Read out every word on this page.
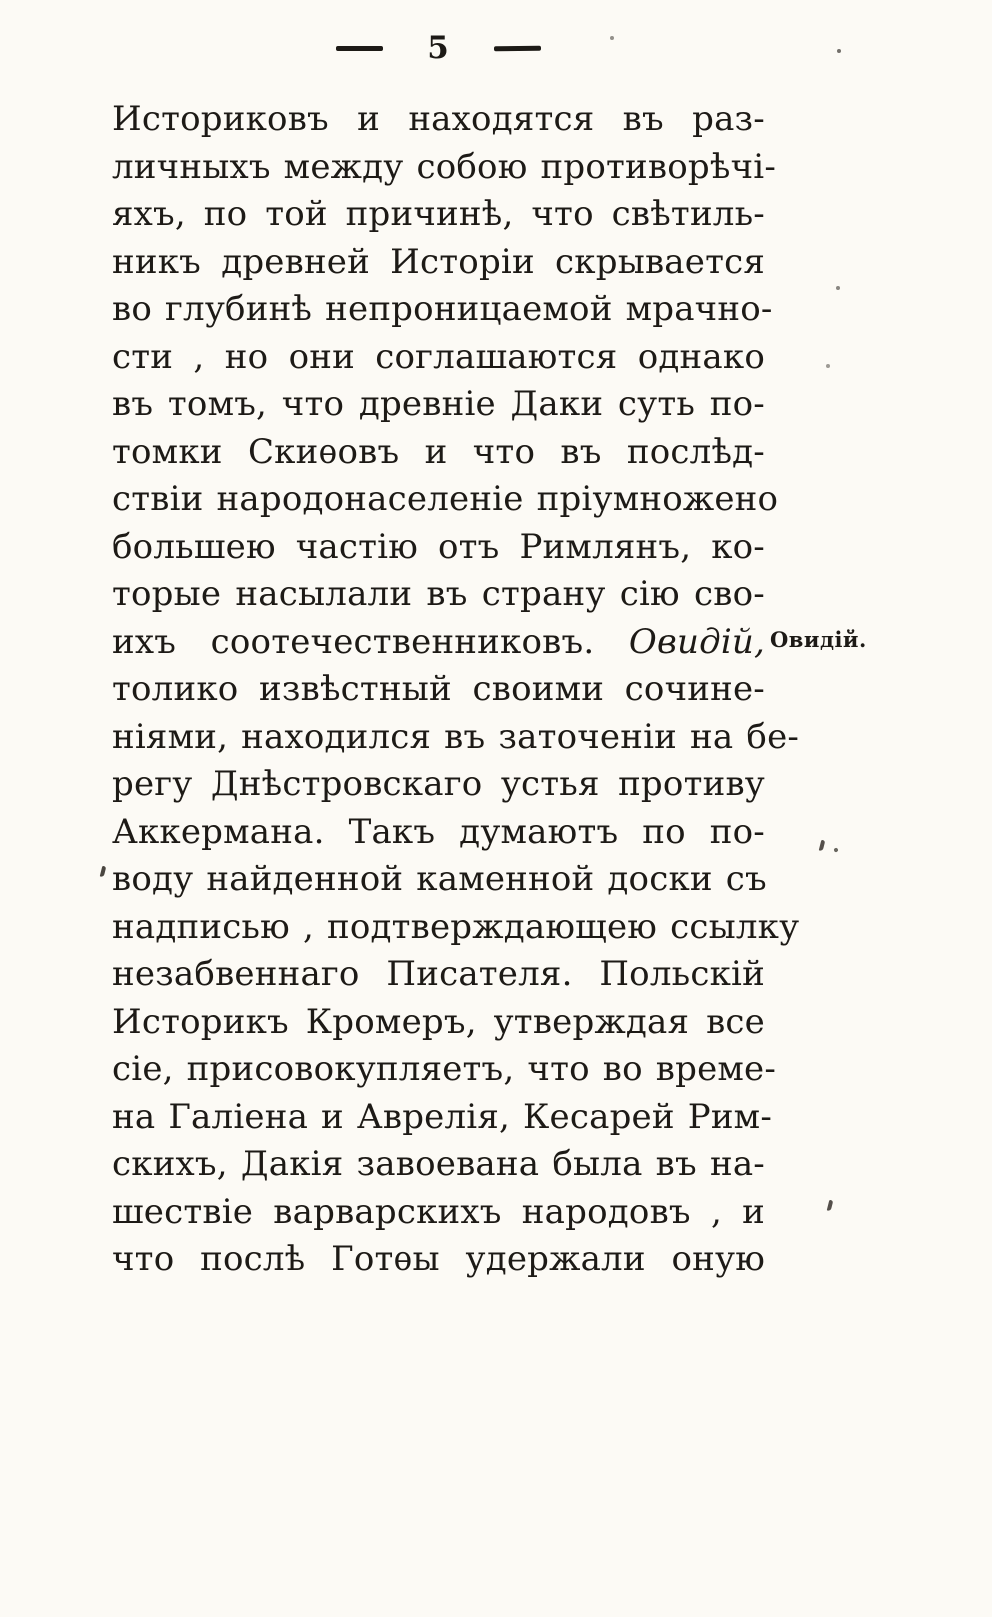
5
Историковъ и находятся въ раз-
личныхъ между собою противорѣчі-
яхъ, по той причинѣ, что свѣтиль-
никъ древней Исторіи скрывается
во глубинѣ непроницаемой мрачно-
сти , но они соглашаются однако
въ томъ, что древніе Даки суть по-
томки Скиѳовъ и что въ послѣд-
ствіи народонаселеніе пріумножено
большею частію отъ Римлянъ, ко-
торые насылали въ страну сію сво-
ихъ соотечественниковъ. Овидій,
толико извѣстный своими сочине-
ніями, находился въ заточеніи на бе-
регу Днѣстровскаго устья противу
Аккермана. Такъ думаютъ по по-
воду найденной каменной доски съ
надписью , подтверждающею ссылку
незабвеннаго Писателя. Польскій
Историкъ Кромеръ, утверждая все
сіе, присовокупляетъ, что во време-
на Галіена и Аврелія, Кесарей Рим-
скихъ, Дакія завоевана была въ на-
шествіе варварскихъ народовъ , и
что послѣ Готѳы удержали оную
Овидій.
